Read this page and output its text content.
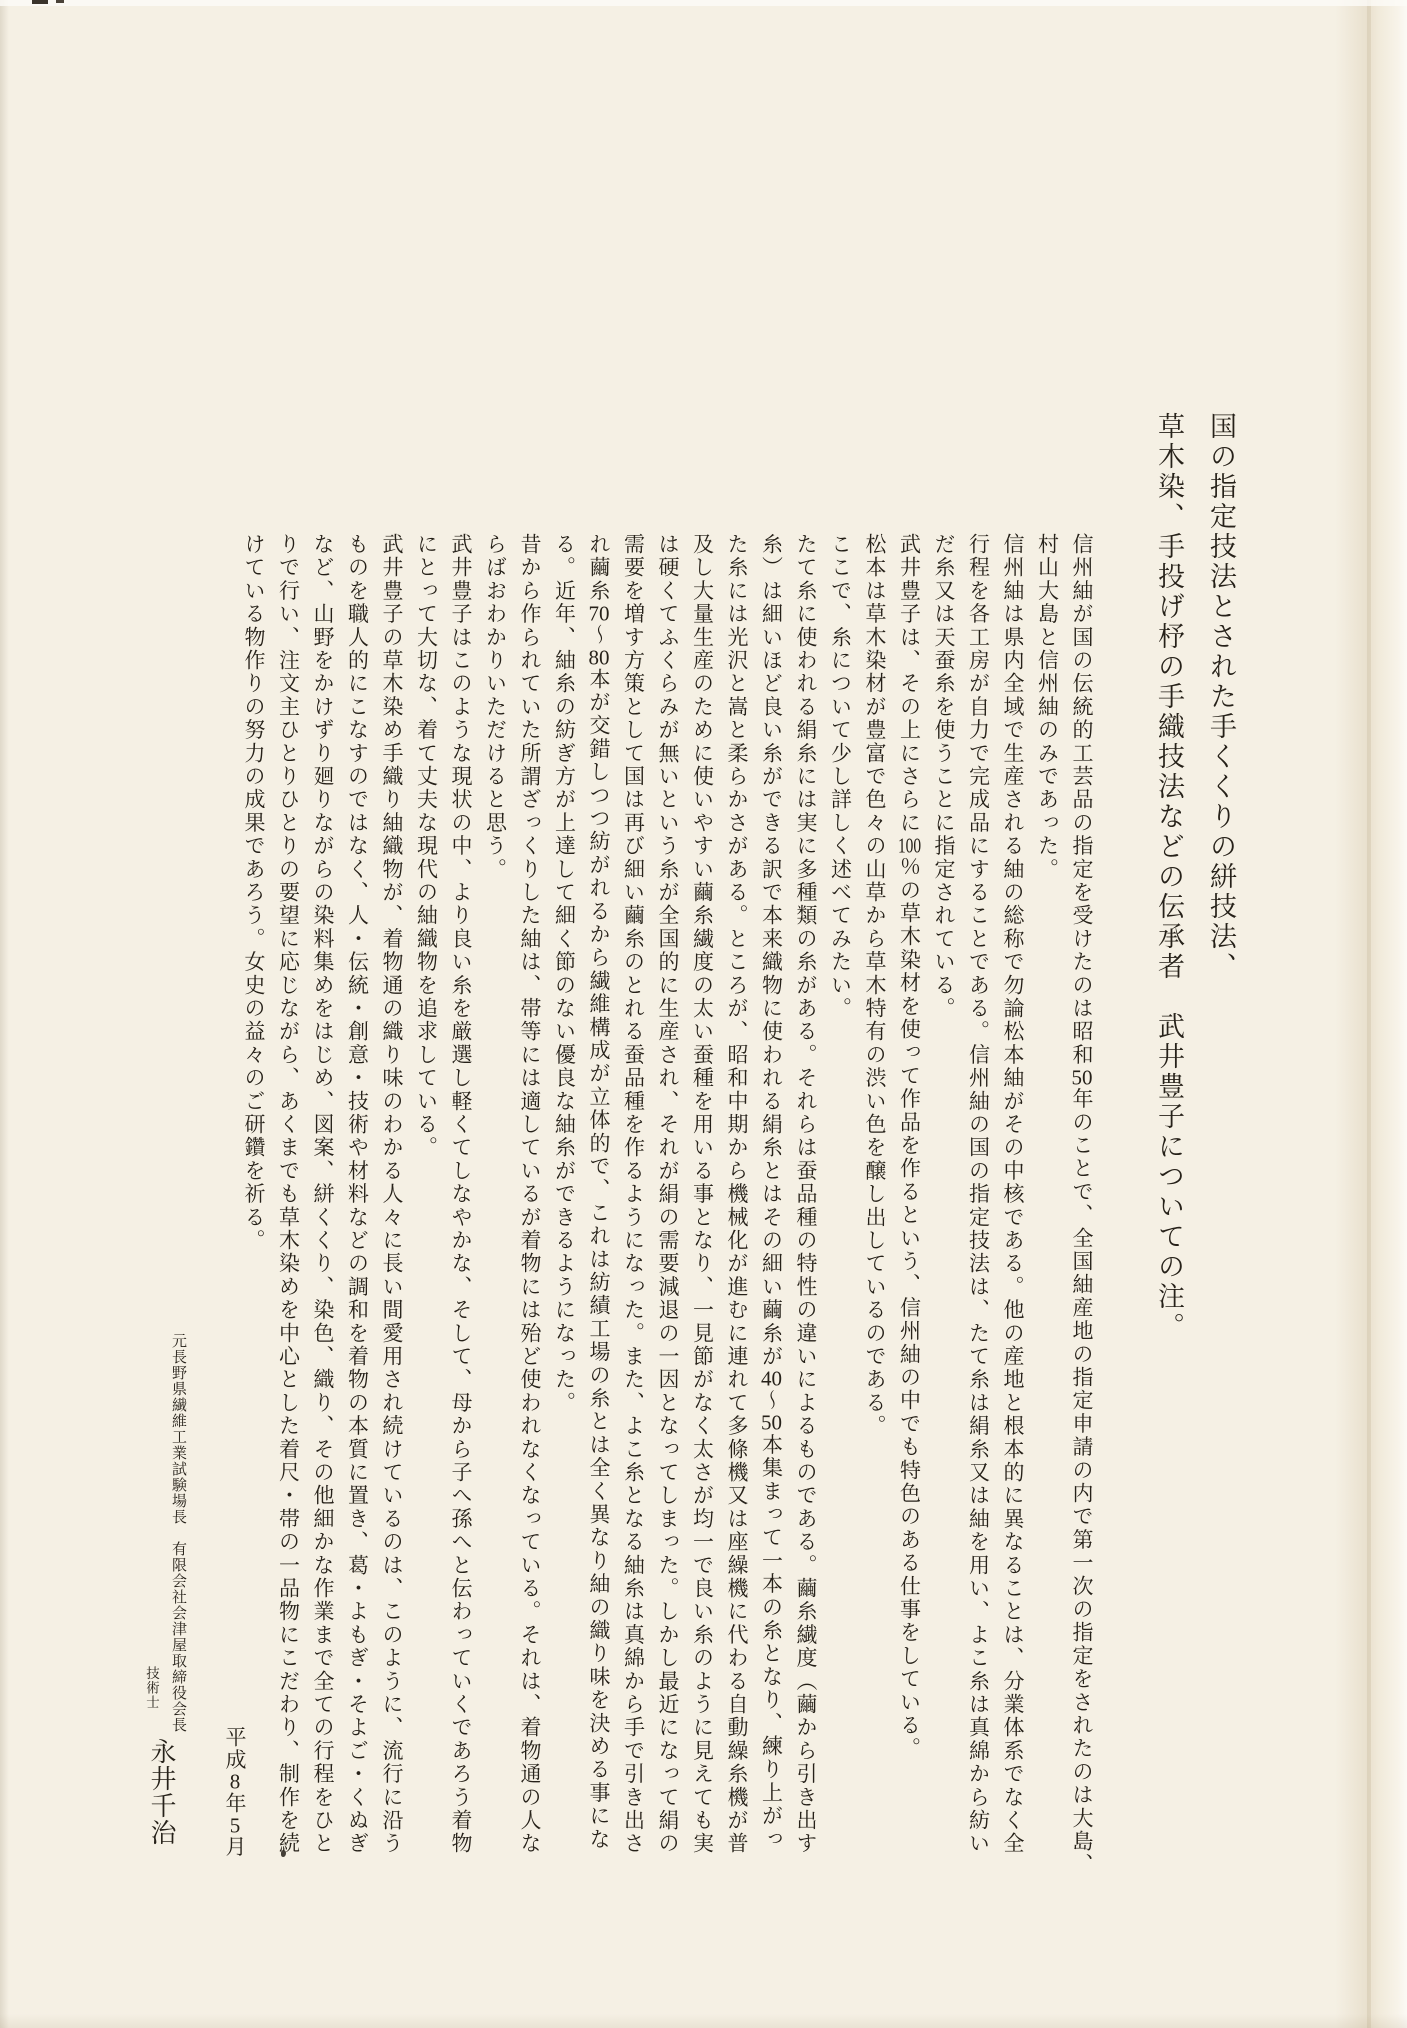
国の指定技法とされた手くくりの絣技法、
草木染、手投げ杼の手織技法などの伝承者　武井豊子についての注。
信州紬が国の伝統的工芸品の指定を受けたのは昭和50年のことで、全国紬産地の指定申請の内で第一次の指定をされたのは大島、
村山大島と信州紬のみであった。
信州紬は県内全域で生産される紬の総称で勿論松本紬がその中核である。他の産地と根本的に異なることは、分業体系でなく全
行程を各工房が自力で完成品にすることである。信州紬の国の指定技法は、たて糸は絹糸又は紬を用い、よこ糸は真綿から紡い
だ糸又は天蚕糸を使うことに指定されている。
武井豊子は、その上にさらに100％の草木染材を使って作品を作るという、信州紬の中でも特色のある仕事をしている。
松本は草木染材が豊富で色々の山草から草木特有の渋い色を醸し出しているのである。
ここで、糸について少し詳しく述べてみたい。
たて糸に使われる絹糸には実に多種類の糸がある。それらは蚕品種の特性の違いによるものである。繭糸繊度（繭から引き出す
糸）は細いほど良い糸ができる訳で本来織物に使われる絹糸とはその細い繭糸が40〜50本集まって一本の糸となり、練り上がっ
た糸には光沢と嵩と柔らかさがある。ところが、昭和中期から機械化が進むに連れて多條機又は座繰機に代わる自動繰糸機が普
及し大量生産のために使いやすい繭糸繊度の太い蚕種を用いる事となり、一見節がなく太さが均一で良い糸のように見えても実
は硬くてふくらみが無いという糸が全国的に生産され、それが絹の需要減退の一因となってしまった。しかし最近になって絹の
需要を増す方策として国は再び細い繭糸のとれる蚕品種を作るようになった。また、よこ糸となる紬糸は真綿から手で引き出さ
れ繭糸70〜80本が交錯しつつ紡がれるから繊維構成が立体的で、これは紡績工場の糸とは全く異なり紬の織り味を決める事にな
る。近年、紬糸の紡ぎ方が上達して細く節のない優良な紬糸ができるようになった。
昔から作られていた所謂ざっくりした紬は、帯等には適しているが着物には殆ど使われなくなっている。それは、着物通の人な
らばおわかりいただけると思う。
武井豊子はこのような現状の中、より良い糸を厳選し軽くてしなやかな、そして、母から子へ孫へと伝わっていくであろう着物
にとって大切な、着て丈夫な現代の紬織物を追求している。
武井豊子の草木染め手織り紬織物が、着物通の織り味のわかる人々に長い間愛用され続けているのは、このように、流行に沿う
ものを職人的にこなすのではなく、人・伝統・創意・技術や材料などの調和を着物の本質に置き、葛・よもぎ・そよご・くぬぎ
など、山野をかけずり廻りながらの染料集めをはじめ、図案、絣くくり、染色、織り、その他細かな作業まで全ての行程をひと
りで行い、注文主ひとりひとりの要望に応じながら、あくまでも草木染めを中心とした着尺・帯の一品物にこだわり、制作を続
けている物作りの努力の成果であろう。女史の益々のご研鑽を祈る。
平成8年5月
元長野県繊維工業試験場長　有限会社会津屋取締役会長
技術士
永井千治
